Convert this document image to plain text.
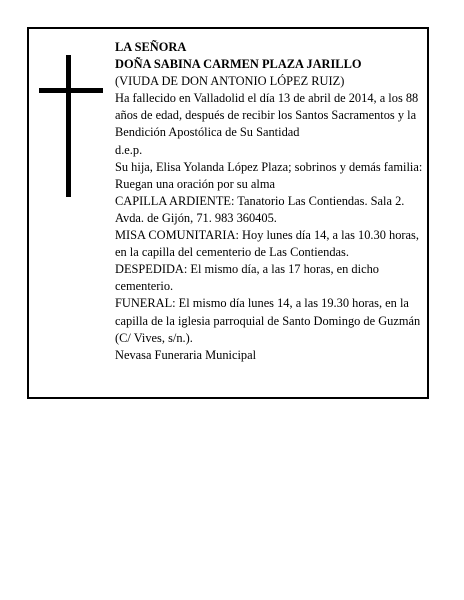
LA SEÑORA

DOÑA SABINA CARMEN PLAZA JARILLO

(VIUDA DE DON ANTONIO LÓPEZ RUIZ)

Ha fallecido en Valladolid el día 13 de abril de 2014, a los 88 años de edad, después de recibir los Santos Sacramentos y la Bendición Apostólica de Su Santidad

d.e.p.

Su hija, Elisa Yolanda López Plaza; sobrinos y demás familia:

Ruegan una oración por su alma

CAPILLA ARDIENTE: Tanatorio Las Contiendas. Sala 2. Avda. de Gijón, 71. 983 360405.

MISA COMUNITARIA: Hoy lunes día 14, a las 10.30 horas, en la capilla del cementerio de Las Contiendas.

DESPEDIDA: El mismo día, a las 17 horas, en dicho cementerio.

FUNERAL: El mismo día lunes 14, a las 19.30 horas, en la capilla de la iglesia parroquial de Santo Domingo de Guzmán (C/ Vives, s/n.).

Nevasa Funeraria Municipal
